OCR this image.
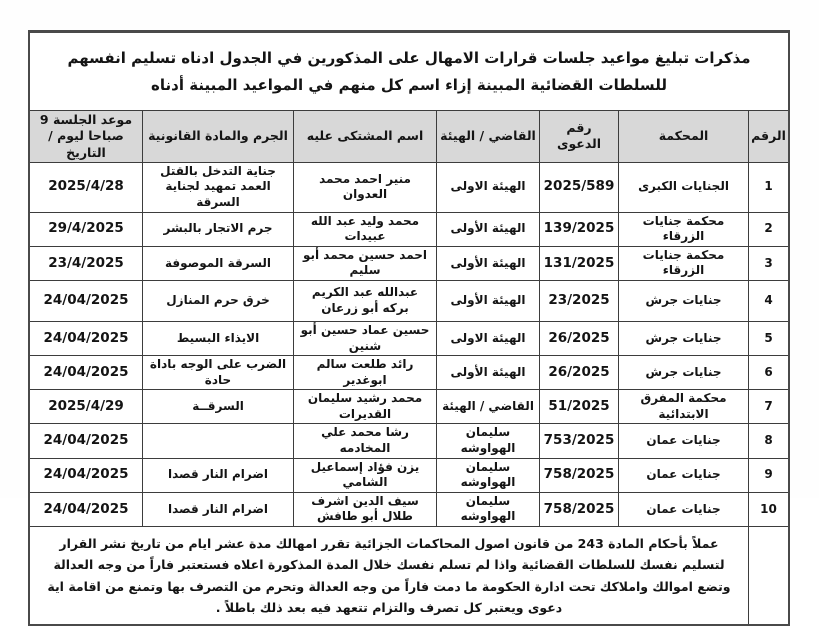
مذكرات تبليغ مواعيد جلسات قرارات الامهال على المذكورين في الجدول ادناه تسليم انفسهم للسلطات القضائية المبينة إزاء اسم كل منهم في المواعيد المبينة أدناه
الرقم
المحكمة
رقم الدعوى
القاضي / الهيئة
اسم المشتكى عليه
الجرم والمادة القانونية
موعد الجلسة 9 صباحا ليوم / التاريخ
1
الجنايات الكبرى
2025/589
الهيئة الاولى
منير احمد محمد العدوان
جناية التدخل بالقتل العمد تمهيد لجناية السرقة
2025/4/28
2
محكمة جنايات الزرقاء
139/2025
الهيئة الأولى
محمد وليد عبد الله عبيدات
جرم الاتجار بالبشر
29/4/2025
3
محكمة جنايات الزرقاء
131/2025
الهيئة الأولى
احمد حسين محمد أبو سليم
السرقة الموصوفة
23/4/2025
4
جنايات جرش
23/2025
الهيئة الأولى
عبدالله عبد الكريم بركه أبو زرعان
خرق حرم المنازل
24/04/2025
5
جنايات جرش
26/2025
الهيئة الاولى
حسين عماد حسين أبو شنين
الايذاء البسيط
24/04/2025
6
جنايات جرش
26/2025
الهيئة الأولى
رائد طلعت سالم ابوغدير
الضرب على الوجه باداة حادة
24/04/2025
7
محكمة المفرق الابتدائية
51/2025
القاضي / الهيئة
محمد رشيد سليمان القديرات
السرقــة
2025/4/29
8
جنايات عمان
753/2025
سليمان الهواوشه
رشا محمد علي المخادمه
24/04/2025
9
جنايات عمان
758/2025
سليمان الهواوشه
يزن فؤاد إسماعيل الشامي
اضرام النار قصدا
24/04/2025
10
جنايات عمان
758/2025
سليمان الهواوشه
سيف الدين اشرف طلال أبو طافش
اضرام النار قصدا
24/04/2025
عملاً بأحكام المادة 243 من قانون اصول المحاكمات الجزائية تقرر امهالك مدة عشر ايام من تاريخ نشر القرار لتسليم نفسك للسلطات القضائية واذا لم تسلم نفسك خلال المدة المذكورة اعلاه فستعتبر فاراً من وجه العدالة وتضع اموالك واملاكك تحت ادارة الحكومة ما دمت فاراً من وجه العدالة وتحرم من التصرف بها وتمنع من اقامة اية دعوى ويعتبر كل تصرف والتزام تتعهد فيه بعد ذلك باطلاً .
